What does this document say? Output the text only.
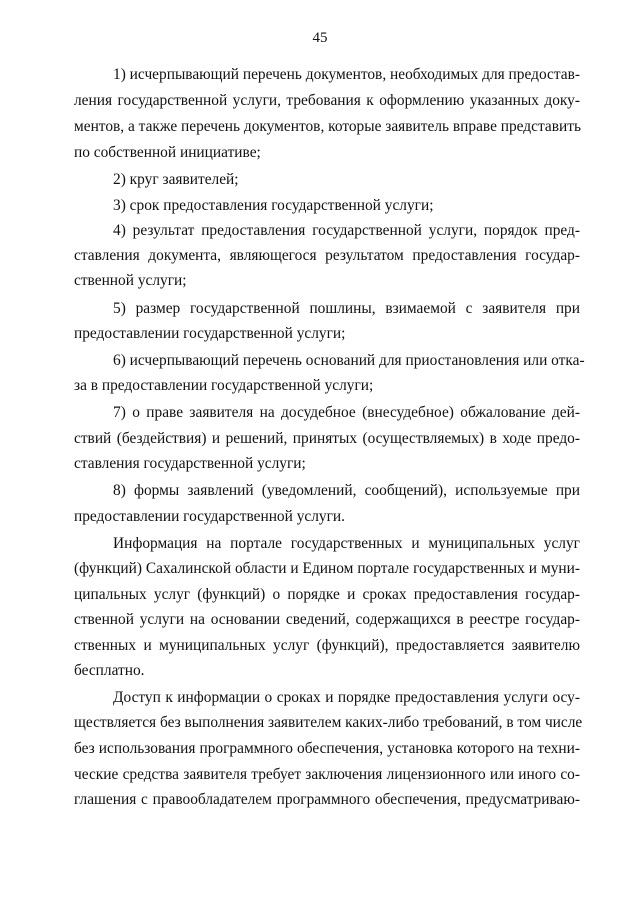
45
1) исчерпывающий перечень документов, необходимых для предостав-
ления государственной услуги, требования к оформлению указанных доку-
ментов, а также перечень документов, которые заявитель вправе представить
по собственной инициативе;
2) круг заявителей;
3) срок предоставления государственной услуги;
4) результат предоставления государственной услуги, порядок пред-
ставления документа, являющегося результатом предоставления государ-
ственной услуги;
5) размер государственной пошлины, взимаемой с заявителя при
предоставлении государственной услуги;
6) исчерпывающий перечень оснований для приостановления или отка-
за в предоставлении государственной услуги;
7) о праве заявителя на досудебное (внесудебное) обжалование дей-
ствий (бездействия) и решений, принятых (осуществляемых) в ходе предо-
ставления государственной услуги;
8) формы заявлений (уведомлений, сообщений), используемые при
предоставлении государственной услуги.
Информация на портале государственных и муниципальных услуг
(функций) Сахалинской области и Едином портале государственных и муни-
ципальных услуг (функций) о порядке и сроках предоставления государ-
ственной услуги на основании сведений, содержащихся в реестре государ-
ственных и муниципальных услуг (функций), предоставляется заявителю
бесплатно.
Доступ к информации о сроках и порядке предоставления услуги осу-
ществляется без выполнения заявителем каких-либо требований, в том числе
без использования программного обеспечения, установка которого на техни-
ческие средства заявителя требует заключения лицензионного или иного со-
глашения с правообладателем программного обеспечения, предусматриваю-
